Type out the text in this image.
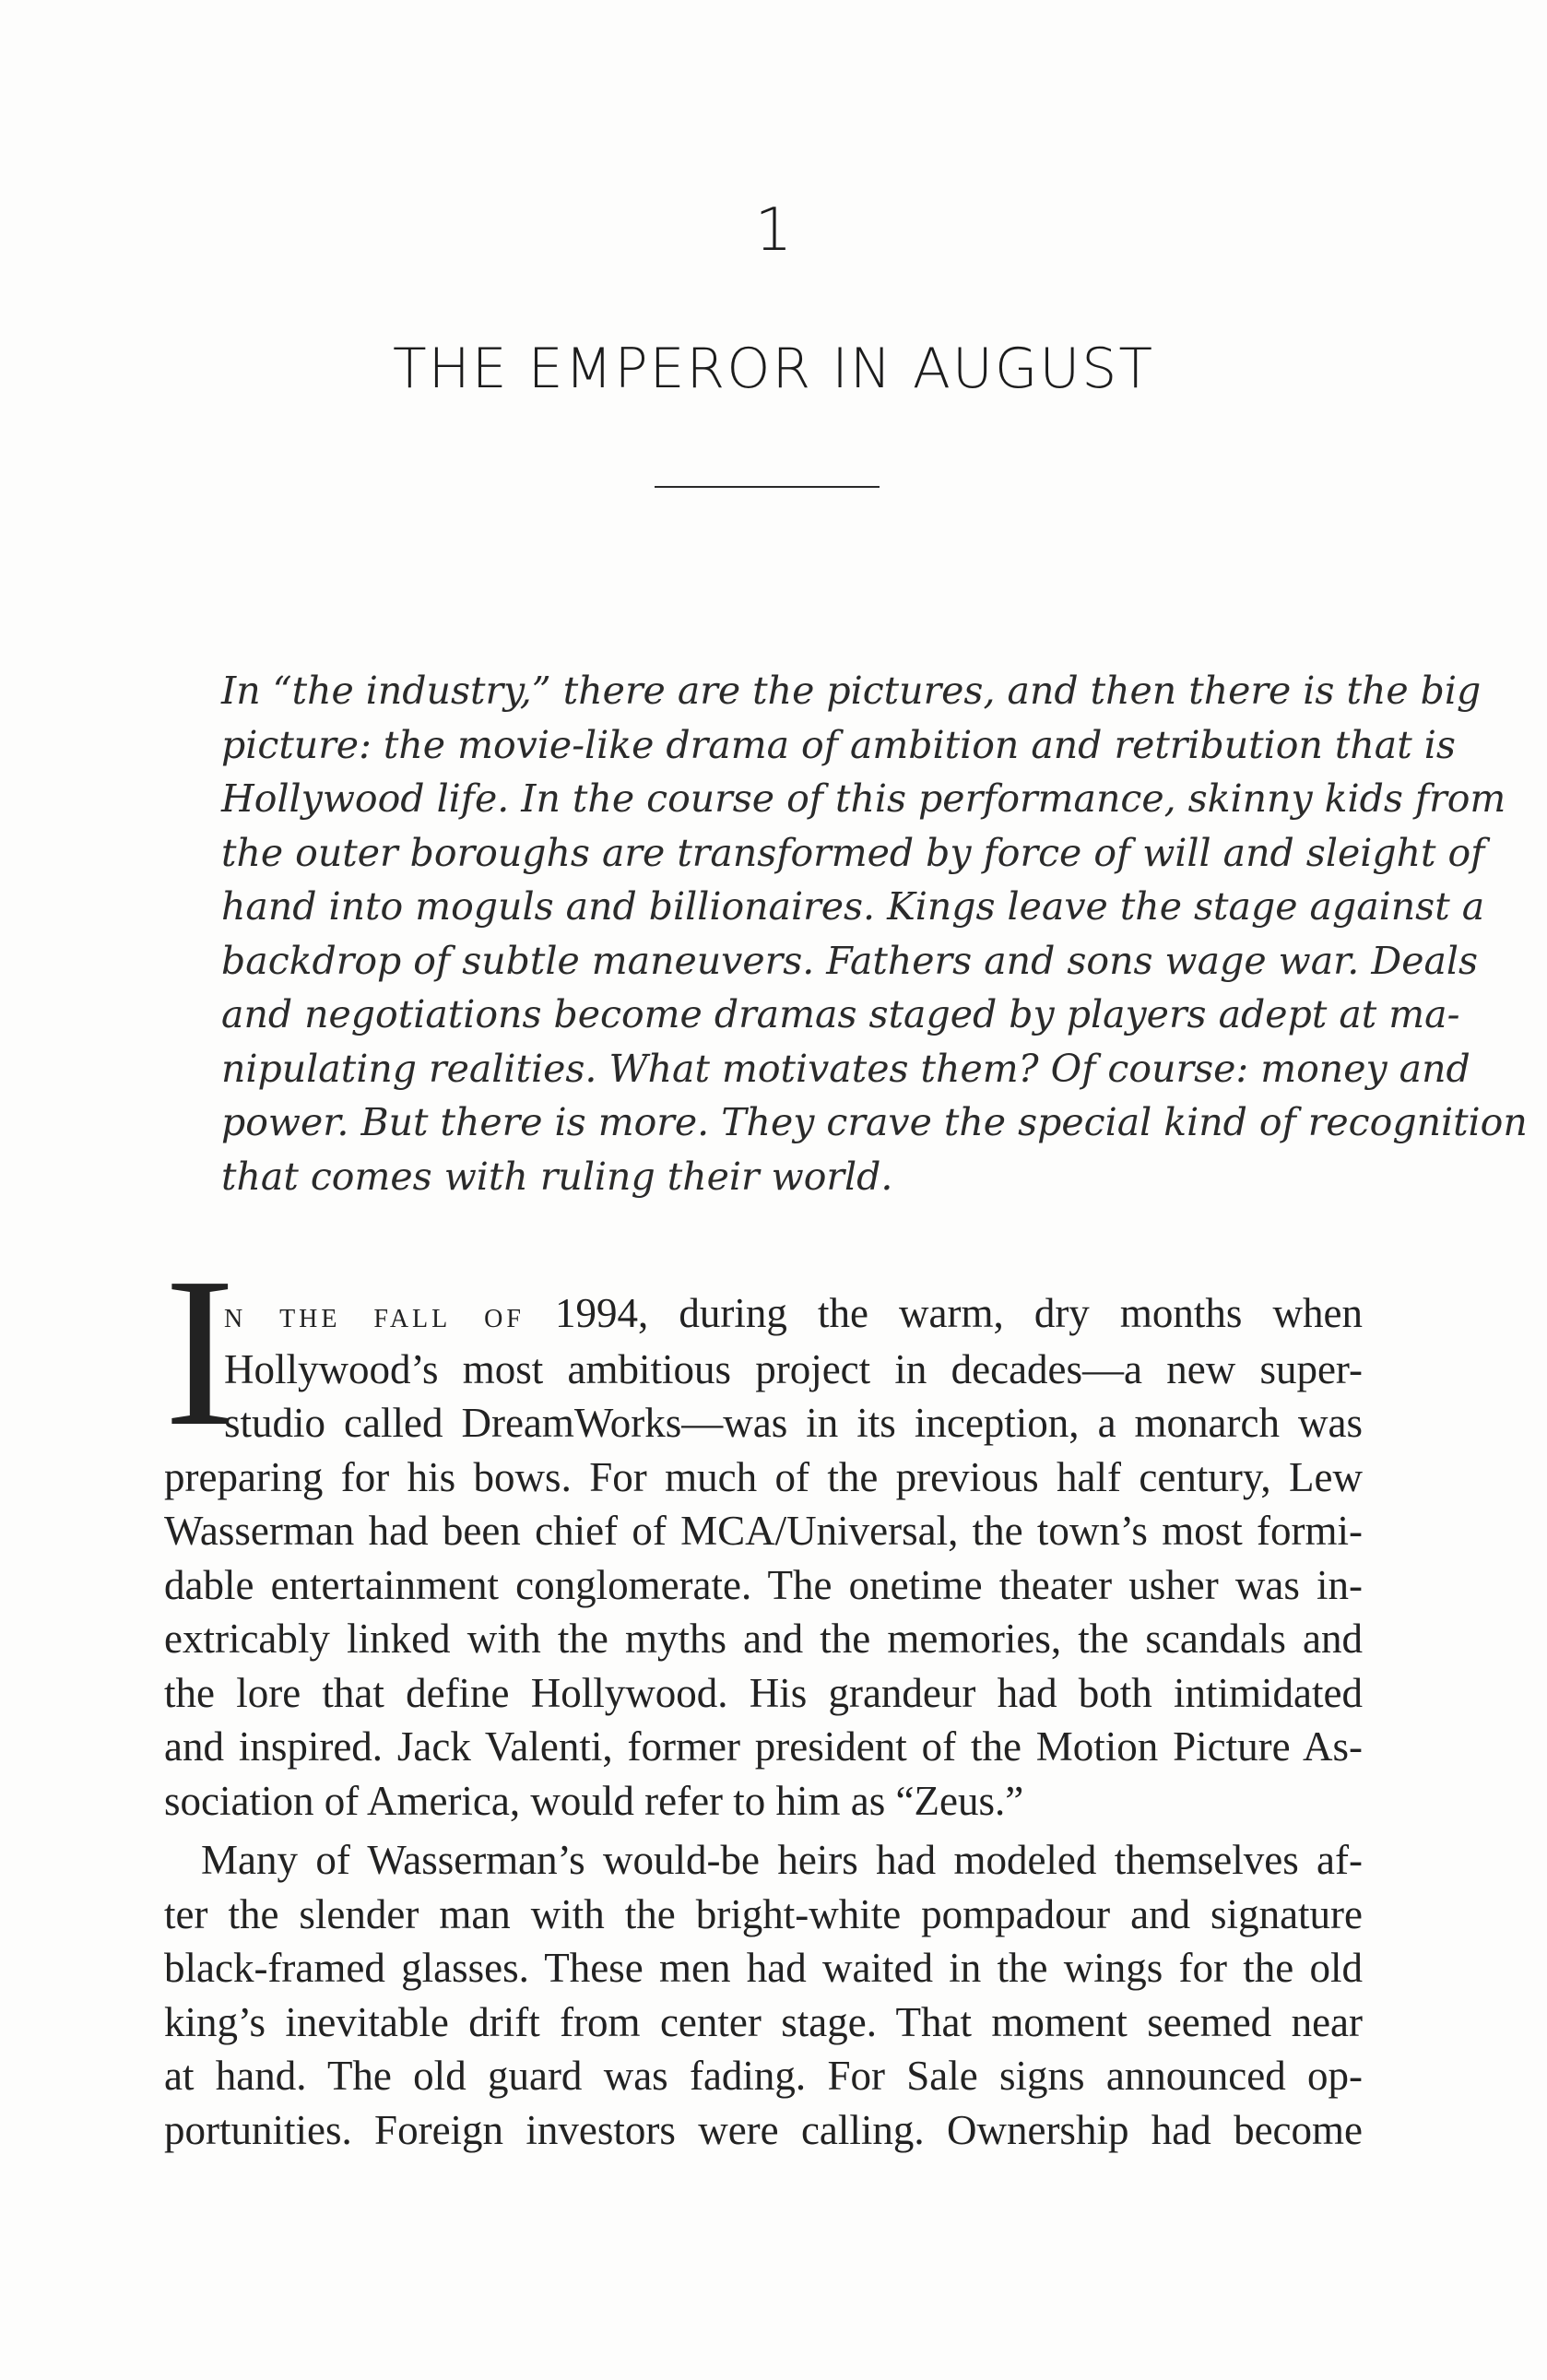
1
THE EMPEROR IN AUGUST
In “the industry,” there are the pictures, and then there is the big
picture: the movie-like drama of ambition and retribution that is
Hollywood life. In the course of this performance, skinny kids from
the outer boroughs are transformed by force of will and sleight of
hand into moguls and billionaires. Kings leave the stage against a
backdrop of subtle maneuvers. Fathers and sons wage war. Deals
and negotiations become dramas staged by players adept at ma-
nipulating realities. What motivates them? Of course: money and
power. But there is more. They crave the special kind of recognition
that comes with ruling their world.
I
n the fall of 1994, during the warm, dry months when
Hollywood’s most ambitious project in decades—a new super-
studio called DreamWorks—was in its inception, a monarch was
preparing for his bows. For much of the previous half century, Lew
Wasserman had been chief of MCA/Universal, the town’s most formi-
dable entertainment conglomerate. The onetime theater usher was in-
extricably linked with the myths and the memories, the scandals and
the lore that define Hollywood. His grandeur had both intimidated
and inspired. Jack Valenti, former president of the Motion Picture As-
sociation of America, would refer to him as “Zeus.”
Many of Wasserman’s would-be heirs had modeled themselves af-
ter the slender man with the bright-white pompadour and signature
black-framed glasses. These men had waited in the wings for the old
king’s inevitable drift from center stage. That moment seemed near
at hand. The old guard was fading. For Sale signs announced op-
portunities. Foreign investors were calling. Ownership had become
